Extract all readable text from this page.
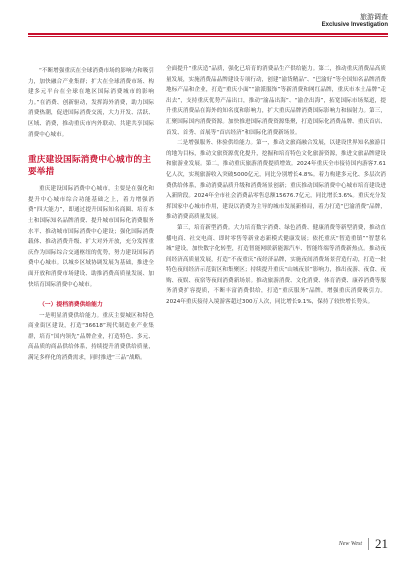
旅游调查
Exclusive Investigation

“不断增强重庆在全球消费市场的影响力和吸引力，加快融合产业集群；扩大在全球消费市场、构建多元平台在全球在地区国际消费城市的影响力。”在消费、创新驱动，发挥海外消费，助力国际消费热潮，促进国际消费交流，大力开发、活跃、区域、消费，推动重庆市内外联动、共建共享国际消费中心城市。

重庆建设国际消费中心城市的主要举措

重庆建设国际消费中心城市，主要是在强化和提升中心城市综合功能基础之上，着力增强消费“四大能力”，即通过提升国际知名商圈、培育本土和国际知名品牌消费、提升城市国际化消费服务水平、推动城市国际消费中心建设；强化国际消费载体、推动消费升级、扩大对外开放，充分发挥重庆作为国际综合交通枢纽的优势，努力建设国际消费中心城市。以城乡区域协调发展为基础，推进全面开放和消费市场建设、助推消费高质量发展、加快培育国际消费中心城市。

（一）提档消费供给能力

一是明显消费供给能力。重庆主要城区和特色商业街区建设，打造“36618”现代制造业产业集群，培育“国内领先”品牌企业，打造特色、多元、高品质的商品供给体系，持续提升消费供给质量，满足多样化的消费需求，同时推进“三品”战略。

全面提升“重庆造”品质，强化已培育的消费品生产供给能力。第二，推动重庆消费品高质量发展，实施消费品品牌建设专项行动，创建“渝货精品”、“巴渝好”等全国知名品牌消费地标产品和企业，打造“重庆小面”“渝派服饰”等新消费和网红品牌，重庆市本土品牌“走出去”，支持重庆优势产品出口，推动“渝品出海”、“渝企出海”，拓宽国际市场渠道，提升重庆消费品在海外的知名度和影响力，扩大重庆品牌消费国际影响力和辐射力。第三，汇聚国际国内消费资源。加快推进国际消费资源集聚，打造国际化消费品牌、重庆首店、首发、首秀、首展等“首店经济”和国际化消费新场景。

二是增强服务、体验供给能力。第一，推动文旅商融合发展，以建设世界知名旅游目的地为目标，推动文旅资源优化提升，挖掘和培育特色文化旅游资源，推进文旅品牌建设和旅游业发展。第二，推动重庆旅游消费提质增效。2024年重庆全市接待国内游客7.61亿人次，实现旅游收入突破5000亿元，同比分别增长4.8%。着力构建多元化、多层次消费供给体系，推动消费品质升级和消费场景创新；重庆推动国际消费中心城市培育建设进入新阶段。2024年全市社会消费品零售总额15676.7亿元，同比增长3.6%。重庆充分发挥国家中心城市作用，建设以消费为主导的城市发展新格局，着力打造“巴渝消费”品牌，推动消费高质量发展。

第三，培育新型消费。大力培育数字消费、绿色消费、健康消费等新型消费，推动直播电商、社交电商、即时零售等新业态新模式健康发展；依托重庆“智造重镇”“智慧名城”建设，加快数字化转型，打造智能网联新能源汽车、智能终端等消费新热点。推动夜间经济高质量发展，打造“不夜重庆”夜经济品牌，实施夜间消费场景营造行动，打造一批特色夜间经济示范街区和集聚区；持续提升重庆“山城夜景”影响力，推出夜游、夜食、夜购、夜娱、夜宿等夜间消费新场景。推动旅游消费、文化消费、体育消费、康养消费等服务消费扩容提质，不断丰富消费供给，打造“重庆服务”品牌，增强重庆消费吸引力。2024年重庆接待入境游客超过300万人次，同比增长9.1%，保持了较快增长势头。

New West 21
